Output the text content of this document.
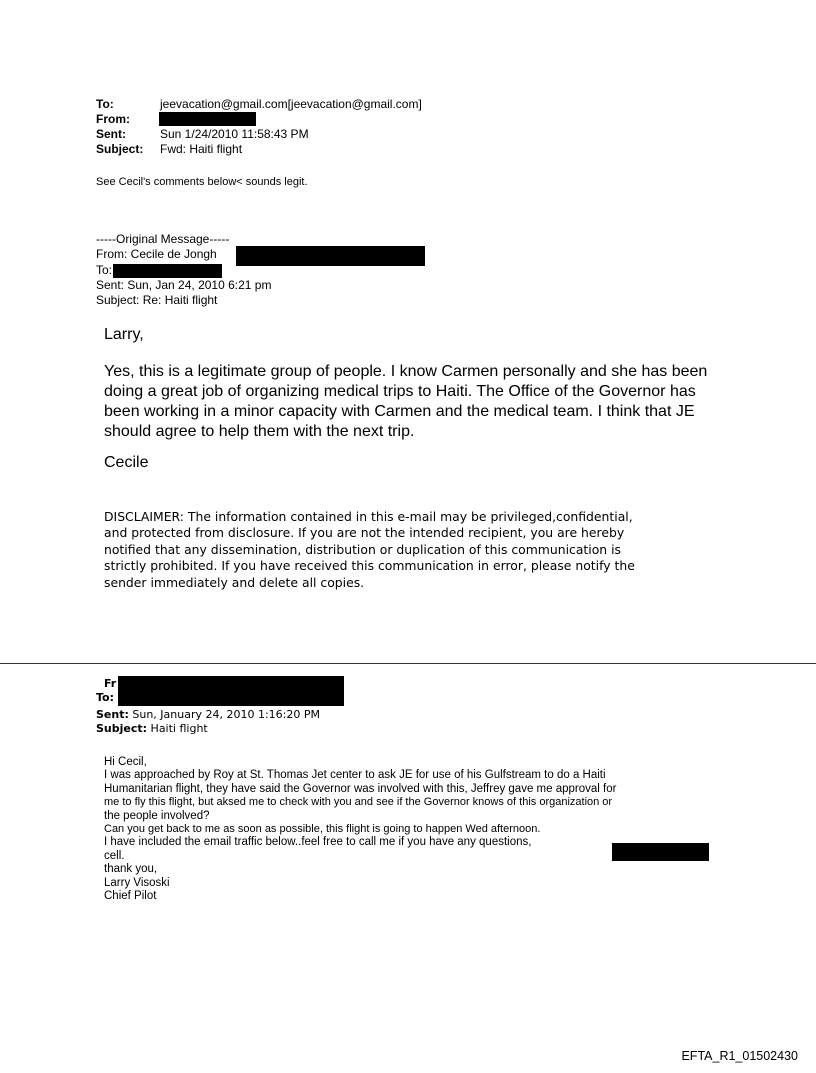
To:	jeevacation@gmail.com[jeevacation@gmail.com]
From:
Sent:	Sun 1/24/2010 11:58:43 PM
Subject: Fwd: Haiti flight
See Cecil's comments below< sounds legit.
-----Original Message-----
From: Cecile de Jongh
To:
Sent: Sun, Jan 24, 2010 6:21 pm
Subject: Re: Haiti flight
Larry,
Yes, this is a legitimate group of people. I know Carmen personally and she has been doing a great job of organizing medical trips to Haiti. The Office of the Governor has been working in a minor capacity with Carmen and the medical team. I think that JE should agree to help them with the next trip.
Cecile
DISCLAIMER: The information contained in this e-mail may be privileged,confidential,
and protected from disclosure. If you are not the intended recipient, you are hereby
notified that any dissemination, distribution or duplication of this communication is
strictly prohibited. If you have received this communication in error, please notify the
sender immediately and delete all copies.
Fr
To:
Sent: Sun, January 24, 2010 1:16:20 PM
Subject: Haiti flight
Hi Cecil,
I was approached by Roy at St. Thomas Jet center to ask JE for use of his Gulfstream to do a Haiti
Humanitarian flight, they have said the Governor was involved with this, Jeffrey gave me approval for
me to fly this flight, but aksed me to check with you and see if the Governor knows of this organization or
the people involved?
Can you get back to me as soon as possible, this flight is going to happen Wed afternoon.
I have included the email traffic below..feel free to call me if you have any questions,
cell.
thank you,
Larry Visoski
Chief Pilot
EFTA_R1_01502430
